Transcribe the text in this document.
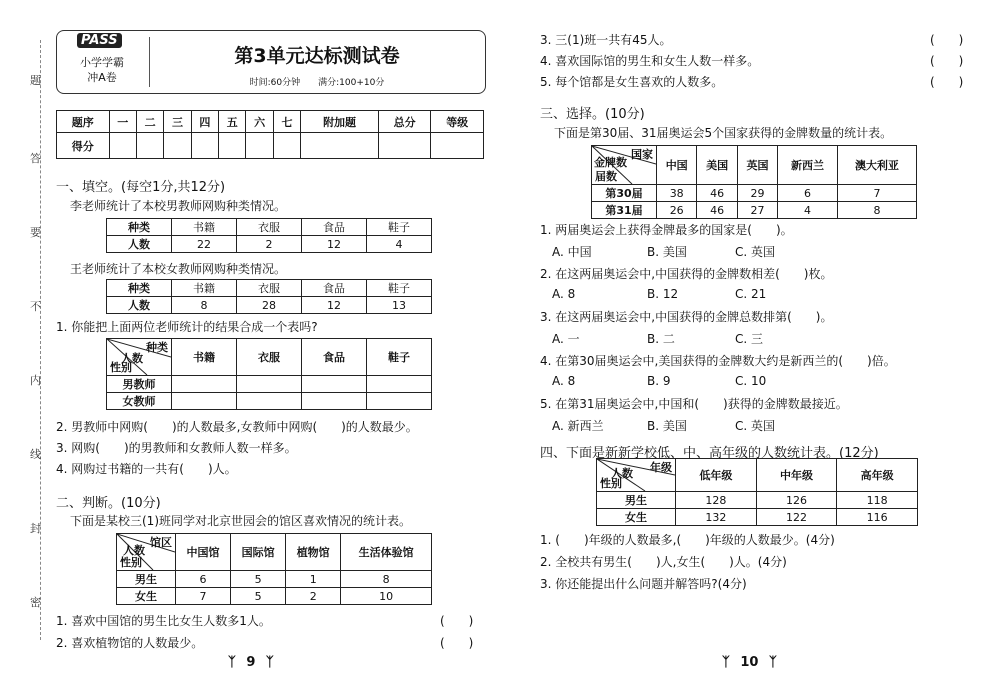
题
答
要
不
内
线
封
密
PASS
小学学霸
冲A卷
第3单元达标测试卷
时间:60分钟　　满分:100+10分
题序	一	二	三	四	五	六	七	附加题	总分	等级
得分										
一、填空。(每空1分,共12分)
李老师统计了本校男教师网购种类情况。
种类	书籍	衣服	食品	鞋子
人数	22	2	12	4
王老师统计了本校女教师网购种类情况。
种类	书籍	衣服	食品	鞋子
人数	8	28	12	13
1. 你能把上面两位老师统计的结果合成一个表吗?
种类
人数
性别	书籍	衣服	食品	鞋子
男教师				
女教师				
2. 男教师中网购(　　)的人数最多,女教师中网购(　　)的人数最少。
3. 网购(　　)的男教师和女教师人数一样多。
4. 网购过书籍的一共有(　　)人。
二、判断。(10分)
下面是某校三(1)班同学对北京世园会的馆区喜欢情况的统计表。
馆区
人数
性别	中国馆	国际馆	植物馆	生活体验馆
男生	6	5	1	8
女生	7	5	2	10
1. 喜欢中国馆的男生比女生人数多1人。	(　　)
2. 喜欢植物馆的人数最少。	(　　)
ᛉ 9 ᛉ
3. 三(1)班一共有45人。	(　　)
4. 喜欢国际馆的男生和女生人数一样多。	(　　)
5. 每个馆都是女生喜欢的人数多。	(　　)
三、选择。(10分)
下面是第30届、31届奥运会5个国家获得的金牌数量的统计表。
国家
金牌数
届数	中国	美国	英国	新西兰	澳大利亚
第30届	38	46	29	6	7
第31届	26	46	27	4	8
1. 两届奥运会上获得金牌最多的国家是(　　)。
A. 中国	B. 美国	C. 英国
2. 在这两届奥运会中,中国获得的金牌数相差(　　)枚。
A. 8	B. 12	C. 21
3. 在这两届奥运会中,中国获得的金牌总数排第(　　)。
A. 一	B. 二	C. 三
4. 在第30届奥运会中,美国获得的金牌数大约是新西兰的(　　)倍。
A. 8	B. 9	C. 10
5. 在第31届奥运会中,中国和(　　)获得的金牌数最接近。
A. 新西兰	B. 美国	C. 英国
四、下面是新新学校低、中、高年级的人数统计表。(12分)
年级
人数
性别	低年级	中年级	高年级
男生	128	126	118
女生	132	122	116
1. (　　)年级的人数最多,(　　)年级的人数最少。(4分)
2. 全校共有男生(　　)人,女生(　　)人。(4分)
3. 你还能提出什么问题并解答吗?(4分)
ᛉ 10 ᛉ
